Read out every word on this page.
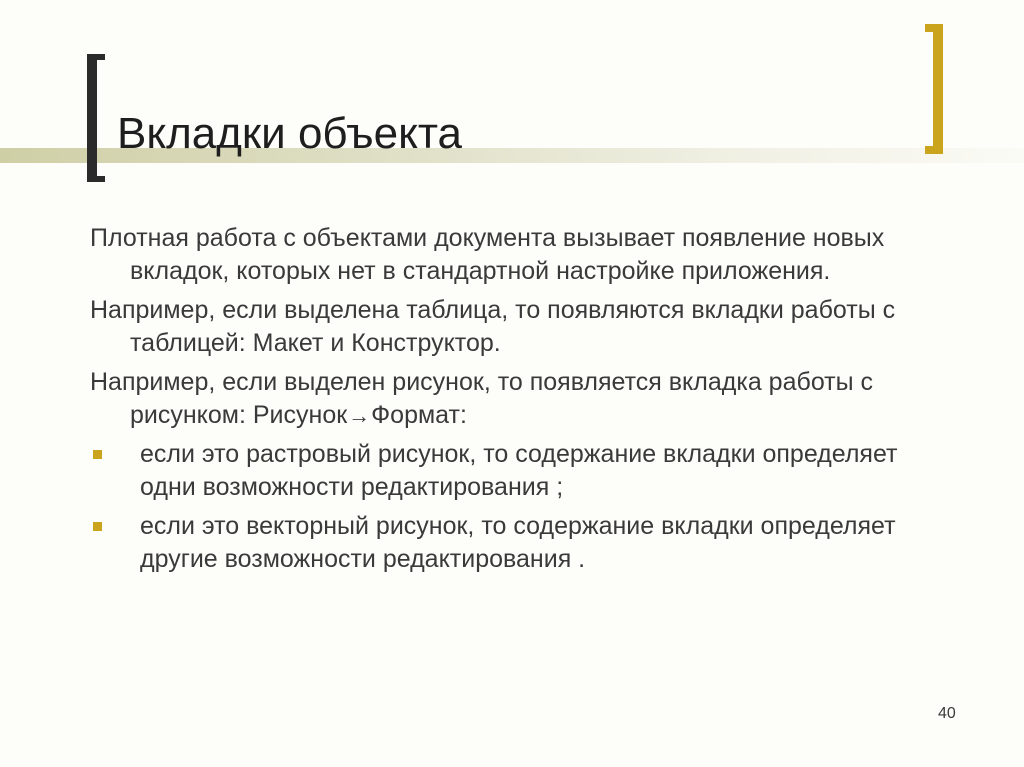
Вкладки объекта

Плотная работа с объектами документа вызывает появление новых вкладок, которых нет в стандартной настройке приложения.

Например, если выделена таблица, то появляются вкладки работы с таблицей: Макет и Конструктор.

Например, если выделен рисунок, то появляется вкладка работы с рисунком: Рисунок→Формат:

если это растровый рисунок, то содержание вкладки определяет одни возможности редактирования ;
если это векторный рисунок, то содержание вкладки определяет другие возможности редактирования .
40
